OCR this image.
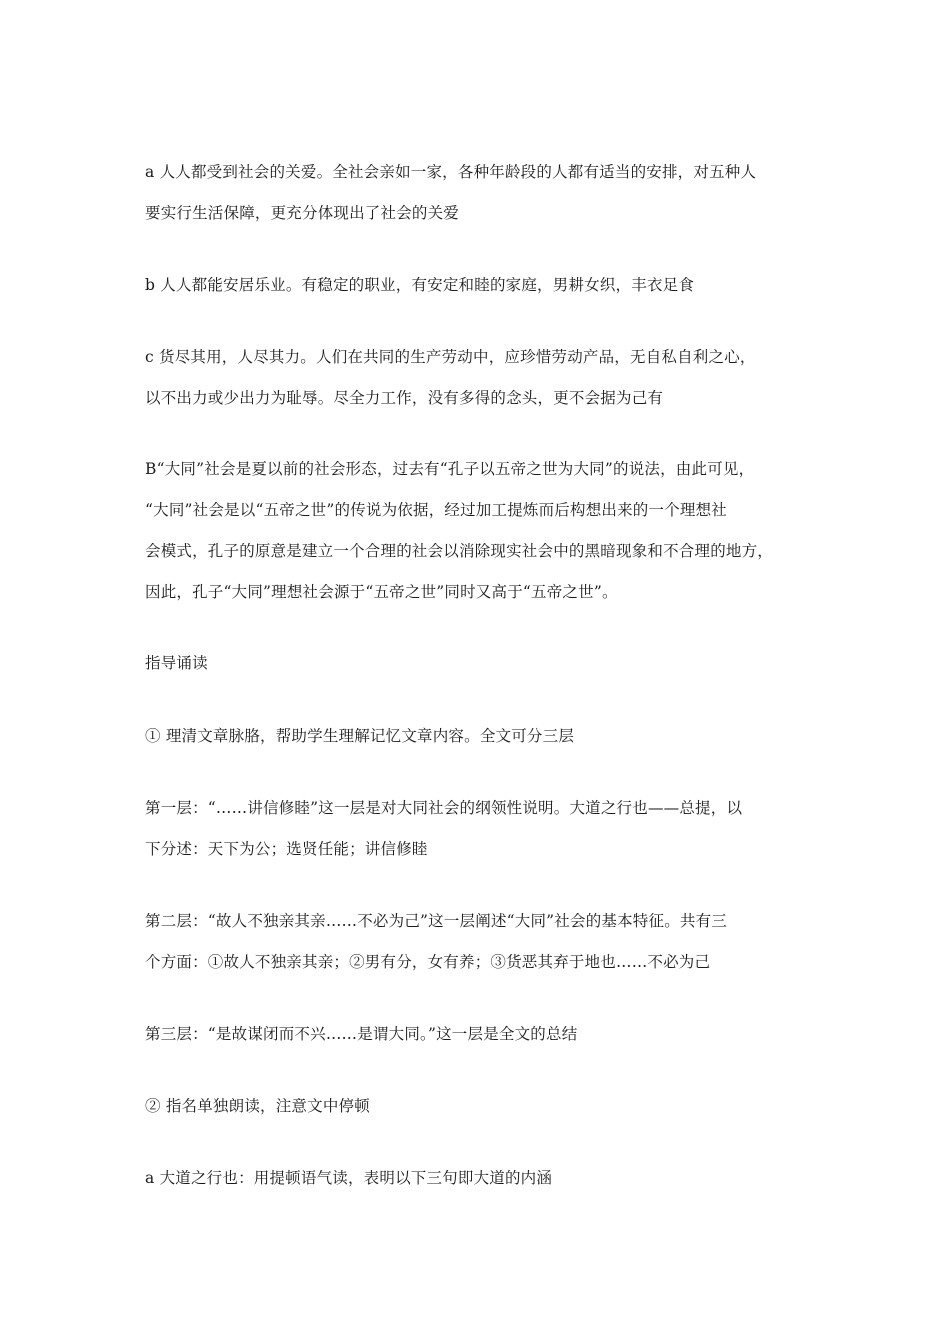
a 人人都受到社会的关爱。全社会亲如一家，各种年龄段的人都有适当的安排，对五种人
要实行生活保障，更充分体现出了社会的关爱
b 人人都能安居乐业。有稳定的职业，有安定和睦的家庭，男耕女织，丰衣足食
c 货尽其用，人尽其力。人们在共同的生产劳动中，应珍惜劳动产品，无自私自利之心，
以不出力或少出力为耻辱。尽全力工作，没有多得的念头，更不会据为己有
B“大同”社会是夏以前的社会形态，过去有“孔子以五帝之世为大同”的说法，由此可见，
“大同”社会是以“五帝之世”的传说为依据，经过加工提炼而后构想出来的一个理想社
会模式，孔子的原意是建立一个合理的社会以消除现实社会中的黑暗现象和不合理的地方，
因此，孔子“大同”理想社会源于“五帝之世”同时又高于“五帝之世”。
指导诵读
① 理清文章脉胳，帮助学生理解记忆文章内容。全文可分三层
第一层：“……讲信修睦”这一层是对大同社会的纲领性说明。大道之行也——总提，以
下分述：天下为公；选贤任能；讲信修睦
第二层：“故人不独亲其亲……不必为己”这一层阐述“大同”社会的基本特征。共有三
个方面：①故人不独亲其亲；②男有分，女有养；③货恶其弃于地也……不必为己
第三层：“是故谋闭而不兴……是谓大同。”这一层是全文的总结
② 指名单独朗读，注意文中停顿
a 大道之行也：用提顿语气读，表明以下三句即大道的内涵
